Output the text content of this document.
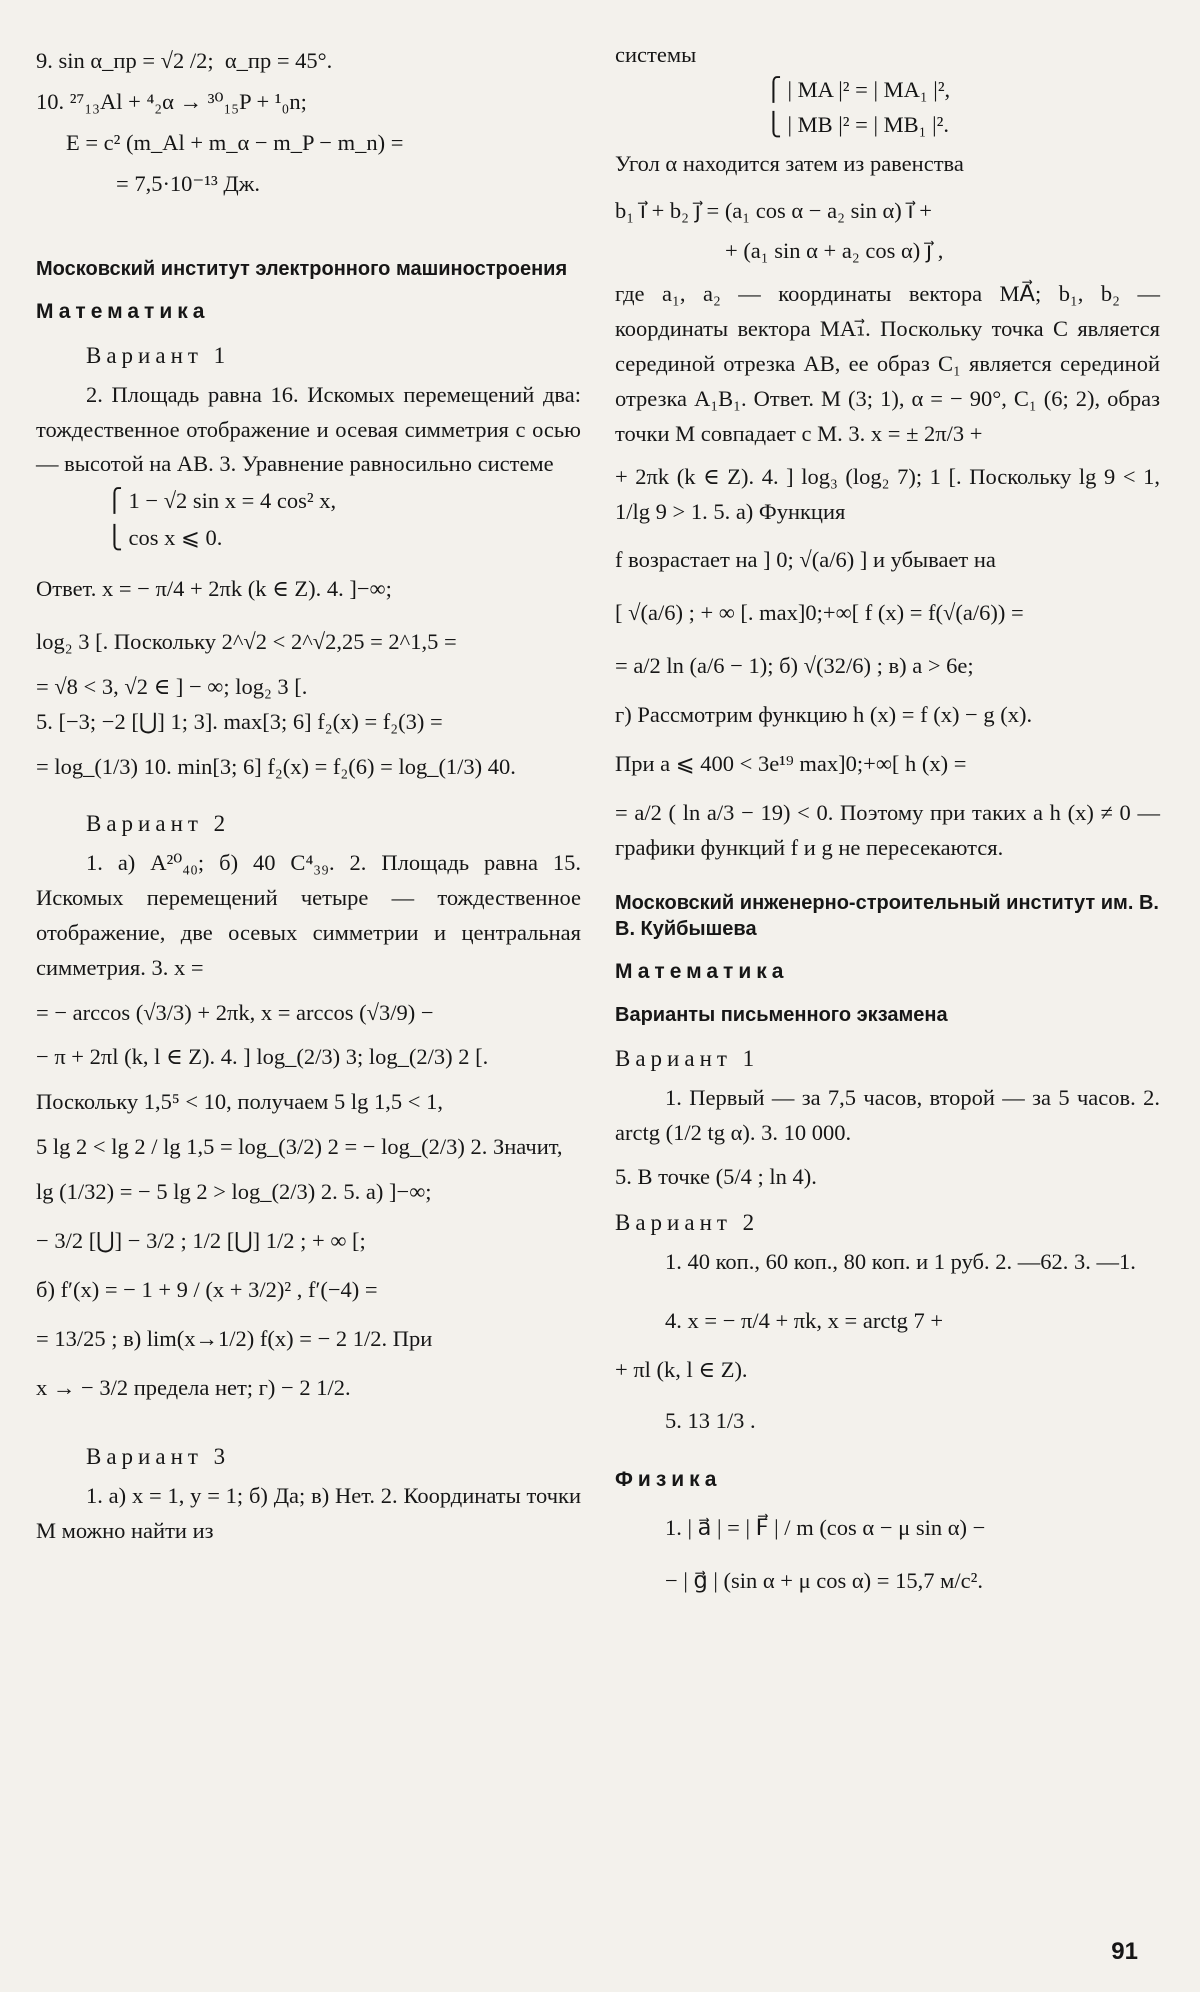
9. sin α_пр = √2 /2;  α_пр = 45°.

10. ²⁷₁₃Al + ⁴₂α → ³⁰₁₅P + ¹₀n;

E = c² (m_Al + m_α − m_P − m_n) =

= 7,5·10⁻¹³ Дж.

Московский институт электронного машиностроения

Математика

Вариант 1

2. Площадь равна 16. Искомых перемещений два: тождественное отображение и осевая симметрия с осью — высотой на AB. 3. Уравнение равносильно системе

⎧ 1 − √2 sin x = 4 cos² x,

⎩ cos x ⩽ 0.

Ответ. x = − π/4 + 2πk (k ∈ Z). 4. ]−∞;

log₂ 3 [. Поскольку 2^√2 < 2^√2,25 = 2^1,5 =

= √8 < 3, √2 ∈ ] − ∞; log₂ 3 [.

5. [−3; −2 [⋃] 1; 3]. max[3; 6] f₂(x) = f₂(3) =

= log_(1/3) 10. min[3; 6] f₂(x) = f₂(6) = log_(1/3) 40.

Вариант 2

1. а) A²⁰₄₀; б) 40 C⁴₃₉. 2. Площадь равна 15. Искомых перемещений четыре — тождественное отображение, две осевых симметрии и центральная симметрия. 3. x =

= − arccos (√3/3) + 2πk, x = arccos (√3/9) −

− π + 2πl (k, l ∈ Z). 4. ] log_(2/3) 3; log_(2/3) 2 [.

Поскольку 1,5⁵ < 10, получаем 5 lg 1,5 < 1,

5 lg 2 < lg 2 / lg 1,5 = log_(3/2) 2 = − log_(2/3) 2. Значит,

lg (1/32) = − 5 lg 2 > log_(2/3) 2. 5. а) ]−∞;

− 3/2 [⋃] − 3/2 ; 1/2 [⋃] 1/2 ; + ∞ [;

б) f′(x) = − 1 + 9 / (x + 3/2)² , f′(−4) =

= 13/25 ; в) lim(x→1/2) f(x) = − 2 1/2. При

x → − 3/2 предела нет; г) − 2 1/2.

Вариант 3

1. а) x = 1, y = 1; б) Да; в) Нет. 2. Координаты точки M можно найти из

системы

⎧ | MA |² = | MA₁ |²,

⎩ | MB |² = | MB₁ |².

Угол α находится затем из равенства

b₁ i⃗ + b₂ j⃗ = (a₁ cos α − a₂ sin α) i⃗ +

+ (a₁ sin α + a₂ cos α) j⃗ ,

где a₁, a₂ — координаты вектора MA⃗; b₁, b₂ — координаты вектора MA₁⃗. Поскольку точка C является серединой отрезка AB, ее образ C₁ является серединой отрезка A₁B₁. Ответ. M (3; 1), α = − 90°, C₁ (6; 2), образ точки M совпадает с M. 3. x = ± 2π/3 +

+ 2πk (k ∈ Z). 4. ] log₃ (log₂ 7); 1 [. Поскольку lg 9 < 1, 1/lg 9 > 1. 5. а) Функция

f возрастает на ] 0; √(a/6) ] и убывает на

[ √(a/6) ; + ∞ [. max]0;+∞[ f (x) = f(√(a/6)) =

= a/2 ln (a/6 − 1); б) √(32/6) ; в) a > 6e;

г) Рассмотрим функцию h (x) = f (x) − g (x).

При a ⩽ 400 < 3e¹⁹ max]0;+∞[ h (x) =

= a/2 ( ln a/3 − 19) < 0. Поэтому при таких a h (x) ≠ 0 — графики функций f и g не пересекаются.

Московский инженерно-строительный институт им. В. В. Куйбышева

Математика

Варианты письменного экзамена

Вариант 1

1. Первый — за 7,5 часов, второй — за 5 часов. 2. arctg (1/2 tg α). 3. 10 000.

5. В точке (5/4 ; ln 4).

Вариант 2

1. 40 коп., 60 коп., 80 коп. и 1 руб. 2. —62. 3. —1.

4. x = − π/4 + πk, x = arctg 7 +

+ πl (k, l ∈ Z).

5. 13 1/3 .

Физика

1. | a⃗ | = | F⃗ | / m (cos α − μ sin α) −

− | g⃗ | (sin α + μ cos α) = 15,7 м/с².

91
